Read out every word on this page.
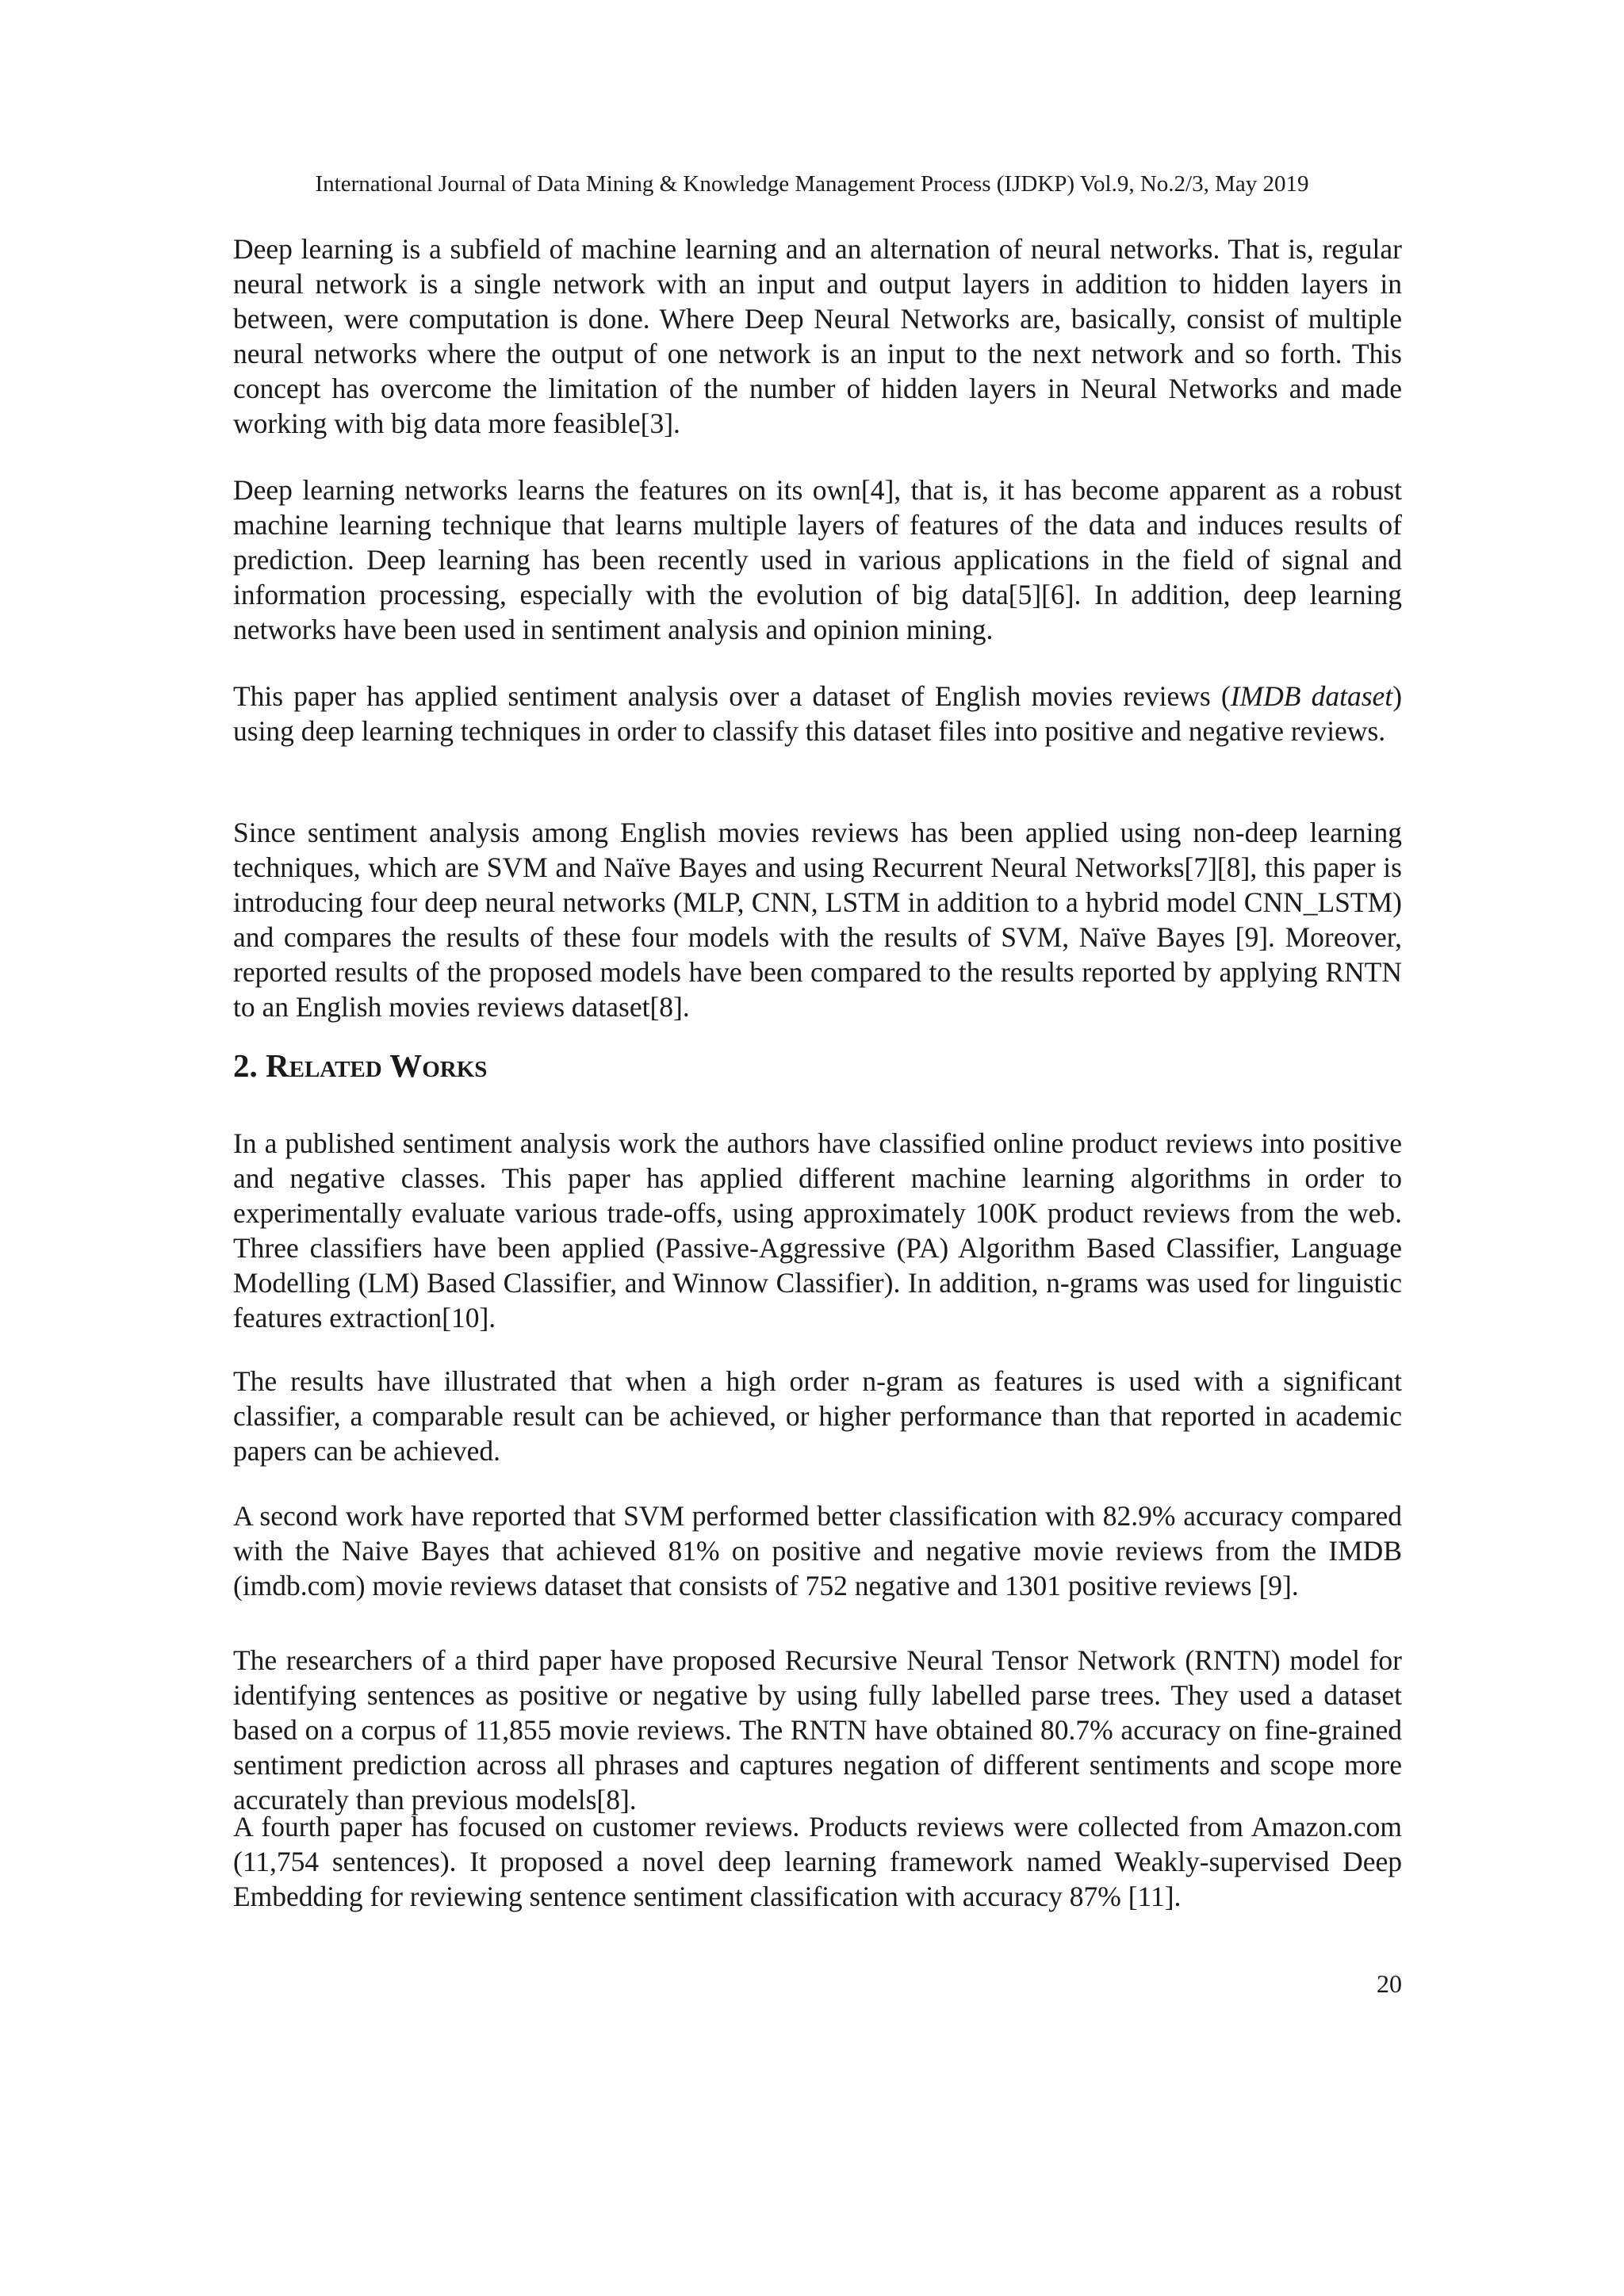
International Journal of Data Mining & Knowledge Management Process (IJDKP) Vol.9, No.2/3, May 2019

Deep learning is a subfield of machine learning and an alternation of neural networks. That is, regular neural network is a single network with an input and output layers in addition to hidden layers in between, were computation is done. Where Deep Neural Networks are, basically, consist of multiple neural networks where the output of one network is an input to the next network and so forth. This concept has overcome the limitation of the number of hidden layers in Neural Networks and made working with big data more feasible[3].

Deep learning networks learns the features on its own[4], that is, it has become apparent as a robust machine learning technique that learns multiple layers of features of the data and induces results of prediction. Deep learning has been recently used in various applications in the field of signal and information processing, especially with the evolution of big data[5][6]. In addition, deep learning networks have been used in sentiment analysis and opinion mining.

This paper has applied sentiment analysis over a dataset of English movies reviews (IMDB dataset) using deep learning techniques in order to classify this dataset files into positive and negative reviews.

Since sentiment analysis among English movies reviews has been applied using non-deep learning techniques, which are SVM and Naïve Bayes and using Recurrent Neural Networks[7][8], this paper is introducing four deep neural networks (MLP, CNN, LSTM in addition to a hybrid model CNN_LSTM) and compares the results of these four models with the results of SVM, Naïve Bayes [9]. Moreover, reported results of the proposed models have been compared to the results reported by applying RNTN to an English movies reviews dataset[8].

2. Related Works

In a published sentiment analysis work the authors have classified online product reviews into positive and negative classes. This paper has applied different machine learning algorithms in order to experimentally evaluate various trade-offs, using approximately 100K product reviews from the web. Three classifiers have been applied (Passive-Aggressive (PA) Algorithm Based Classifier, Language Modelling (LM) Based Classifier, and Winnow Classifier). In addition, n-grams was used for linguistic features extraction[10].

The results have illustrated that when a high order n-gram as features is used with a significant classifier, a comparable result can be achieved, or higher performance than that reported in academic papers can be achieved.

A second work have reported that SVM performed better classification with 82.9% accuracy compared with the Naive Bayes that achieved 81% on positive and negative movie reviews from the IMDB (imdb.com) movie reviews dataset that consists of 752 negative and 1301 positive reviews [9].

The researchers of a third paper have proposed Recursive Neural Tensor Network (RNTN) model for identifying sentences as positive or negative by using fully labelled parse trees. They used a dataset based on a corpus of 11,855 movie reviews. The RNTN have obtained 80.7% accuracy on fine-grained sentiment prediction across all phrases and captures negation of different sentiments and scope more accurately than previous models[8].

A fourth paper has focused on customer reviews. Products reviews were collected from Amazon.com (11,754 sentences). It proposed a novel deep learning framework named Weakly-supervised Deep Embedding for reviewing sentence sentiment classification with accuracy 87% [11].

20
